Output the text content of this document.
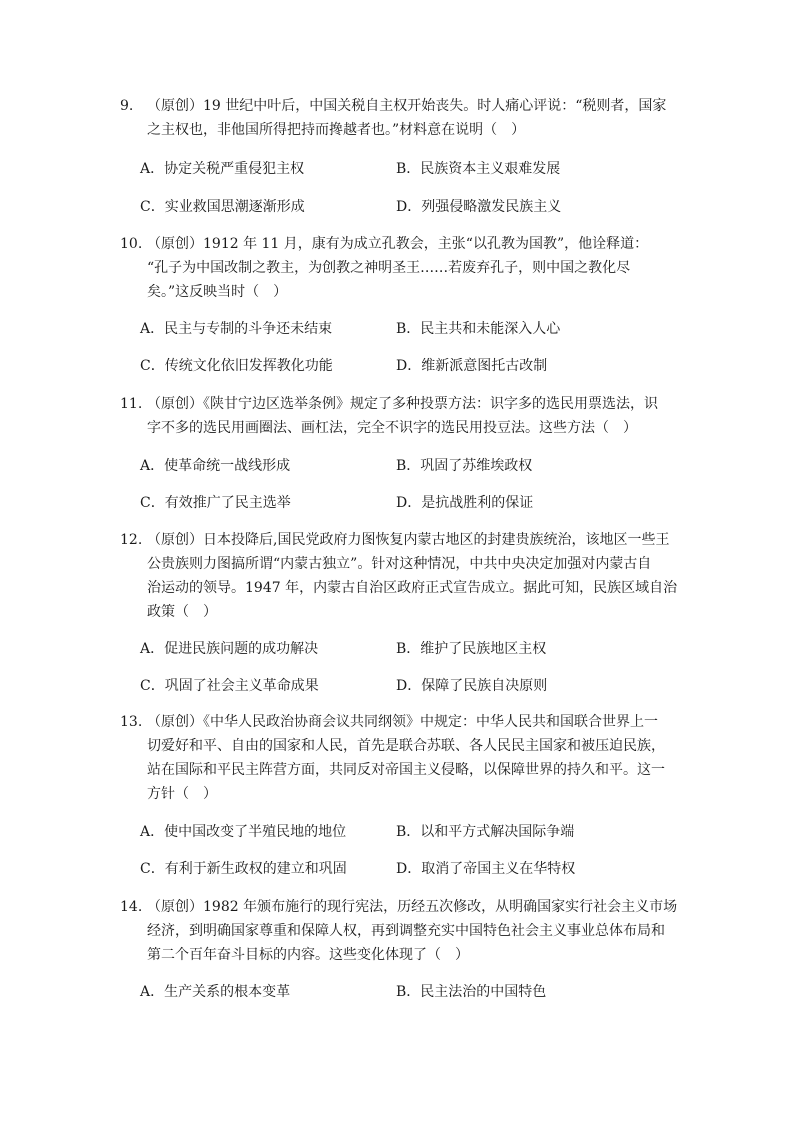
9. （原创）19 世纪中叶后，中国关税自主权开始丧失。时人痛心评说：“税则者，国家
之主权也，非他国所得把持而搀越者也。”材料意在说明（　）
A．协定关税严重侵犯主权	B．民族资本主义艰难发展
C．实业救国思潮逐渐形成	D．列强侵略激发民族主义
10. （原创）1912 年 11 月，康有为成立孔教会，主张“以孔教为国教”，他诠释道：
“孔子为中国改制之教主，为创教之神明圣王……若废弃孔子，则中国之教化尽
矣。”这反映当时（　）
A．民主与专制的斗争还未结束	B．民主共和未能深入人心
C．传统文化依旧发挥教化功能	D．维新派意图托古改制
11. （原创）《陕甘宁边区选举条例》规定了多种投票方法：识字多的选民用票选法，识
字不多的选民用画圈法、画杠法，完全不识字的选民用投豆法。这些方法（　）
A．使革命统一战线形成	B．巩固了苏维埃政权
C．有效推广了民主选举	D．是抗战胜利的保证
12. （原创）日本投降后,国民党政府力图恢复内蒙古地区的封建贵族统治，该地区一些王
公贵族则力图搞所谓“内蒙古独立”。针对这种情况，中共中央决定加强对内蒙古自
治运动的领导。1947 年，内蒙古自治区政府正式宣告成立。据此可知，民族区域自治
政策（　）
A．促进民族问题的成功解决	B．维护了民族地区主权
C．巩固了社会主义革命成果	D．保障了民族自决原则
13. （原创）《中华人民政治协商会议共同纲领》中规定：中华人民共和国联合世界上一
切爱好和平、自由的国家和人民，首先是联合苏联、各人民民主国家和被压迫民族，
站在国际和平民主阵营方面，共同反对帝国主义侵略，以保障世界的持久和平。这一
方针（　）
A．使中国改变了半殖民地的地位	B．以和平方式解决国际争端
C．有利于新生政权的建立和巩固	D．取消了帝国主义在华特权
14. （原创）1982 年颁布施行的现行宪法，历经五次修改，从明确国家实行社会主义市场
经济，到明确国家尊重和保障人权，再到调整充实中国特色社会主义事业总体布局和
第二个百年奋斗目标的内容。这些变化体现了（　）
A．生产关系的根本变革	B．民主法治的中国特色
